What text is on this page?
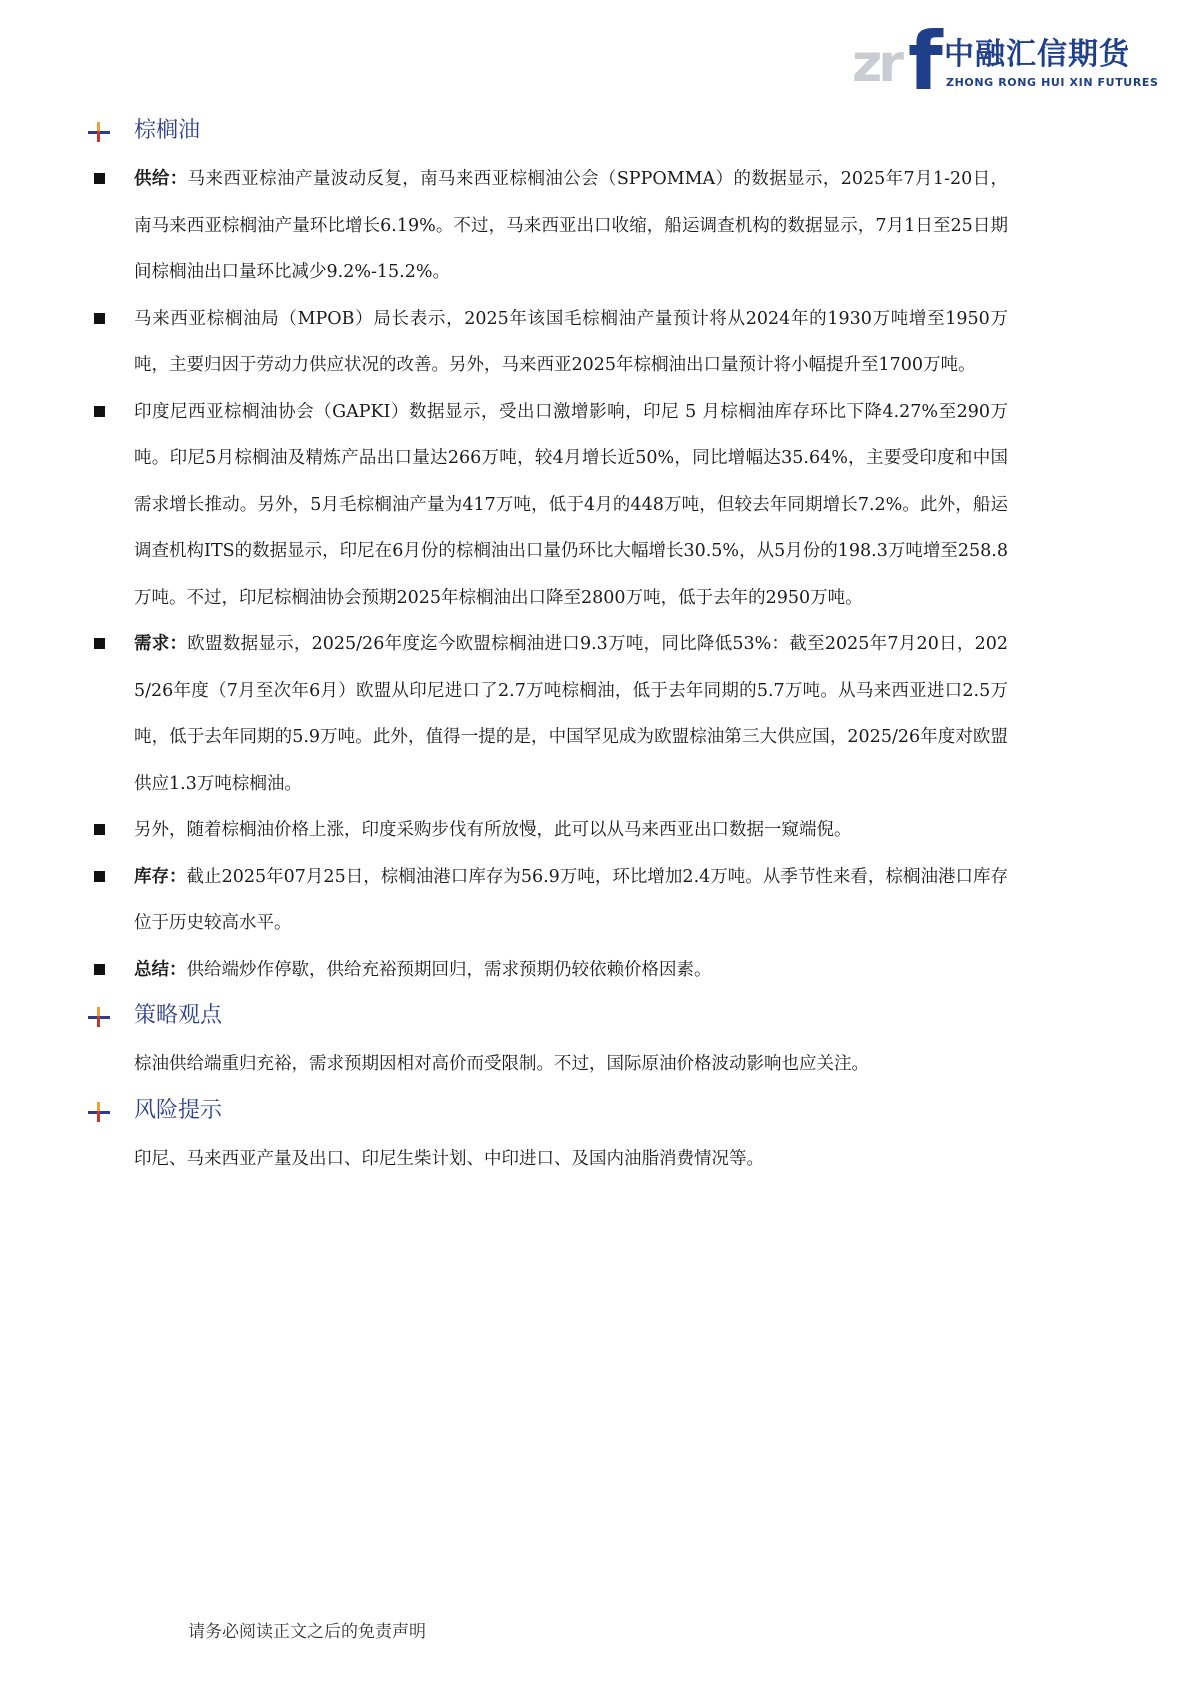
zr f 中融汇信期货
ZHONG RONG HUI XIN FUTURES
棕榈油

供给：马来西亚棕油产量波动反复，南马来西亚棕榈油公会（SPPOMMA）的数据显示，2025年7月1-20日，南马来西亚棕榈油产量环比增长6.19%。不过，马来西亚出口收缩，船运调查机构的数据显示，7月1日至25日期间棕榈油出口量环比减少9.2%-15.2%。

马来西亚棕榈油局（MPOB）局长表示，2025年该国毛棕榈油产量预计将从2024年的1930万吨增至1950万吨，主要归因于劳动力供应状况的改善。另外，马来西亚2025年棕榈油出口量预计将小幅提升至1700万吨。

印度尼西亚棕榈油协会（GAPKI）数据显示，受出口激增影响，印尼 5 月棕榈油库存环比下降4.27%至290万吨。印尼5月棕榈油及精炼产品出口量达266万吨，较4月增长近50%，同比增幅达35.64%，主要受印度和中国需求增长推动。另外，5月毛棕榈油产量为417万吨，低于4月的448万吨，但较去年同期增长7.2%。此外，船运调查机构ITS的数据显示，印尼在6月份的棕榈油出口量仍环比大幅增长30.5%，从5月份的198.3万吨增至258.8万吨。不过，印尼棕榈油协会预期2025年棕榈油出口降至2800万吨，低于去年的2950万吨。

需求：欧盟数据显示，2025/26年度迄今欧盟棕榈油进口9.3万吨，同比降低53%：截至2025年7月20日，2025/26年度（7月至次年6月）欧盟从印尼进口了2.7万吨棕榈油，低于去年同期的5.7万吨。从马来西亚进口2.5万吨，低于去年同期的5.9万吨。此外，值得一提的是，中国罕见成为欧盟棕油第三大供应国，2025/26年度对欧盟供应1.3万吨棕榈油。

另外，随着棕榈油价格上涨，印度采购步伐有所放慢，此可以从马来西亚出口数据一窥端倪。

库存：截止2025年07月25日，棕榈油港口库存为56.9万吨，环比增加2.4万吨。从季节性来看，棕榈油港口库存位于历史较高水平。

总结：供给端炒作停歇，供给充裕预期回归，需求预期仍较依赖价格因素。

策略观点

棕油供给端重归充裕，需求预期因相对高价而受限制。不过，国际原油价格波动影响也应关注。

风险提示

印尼、马来西亚产量及出口、印尼生柴计划、中印进口、及国内油脂消费情况等。

请务必阅读正文之后的免责声明
